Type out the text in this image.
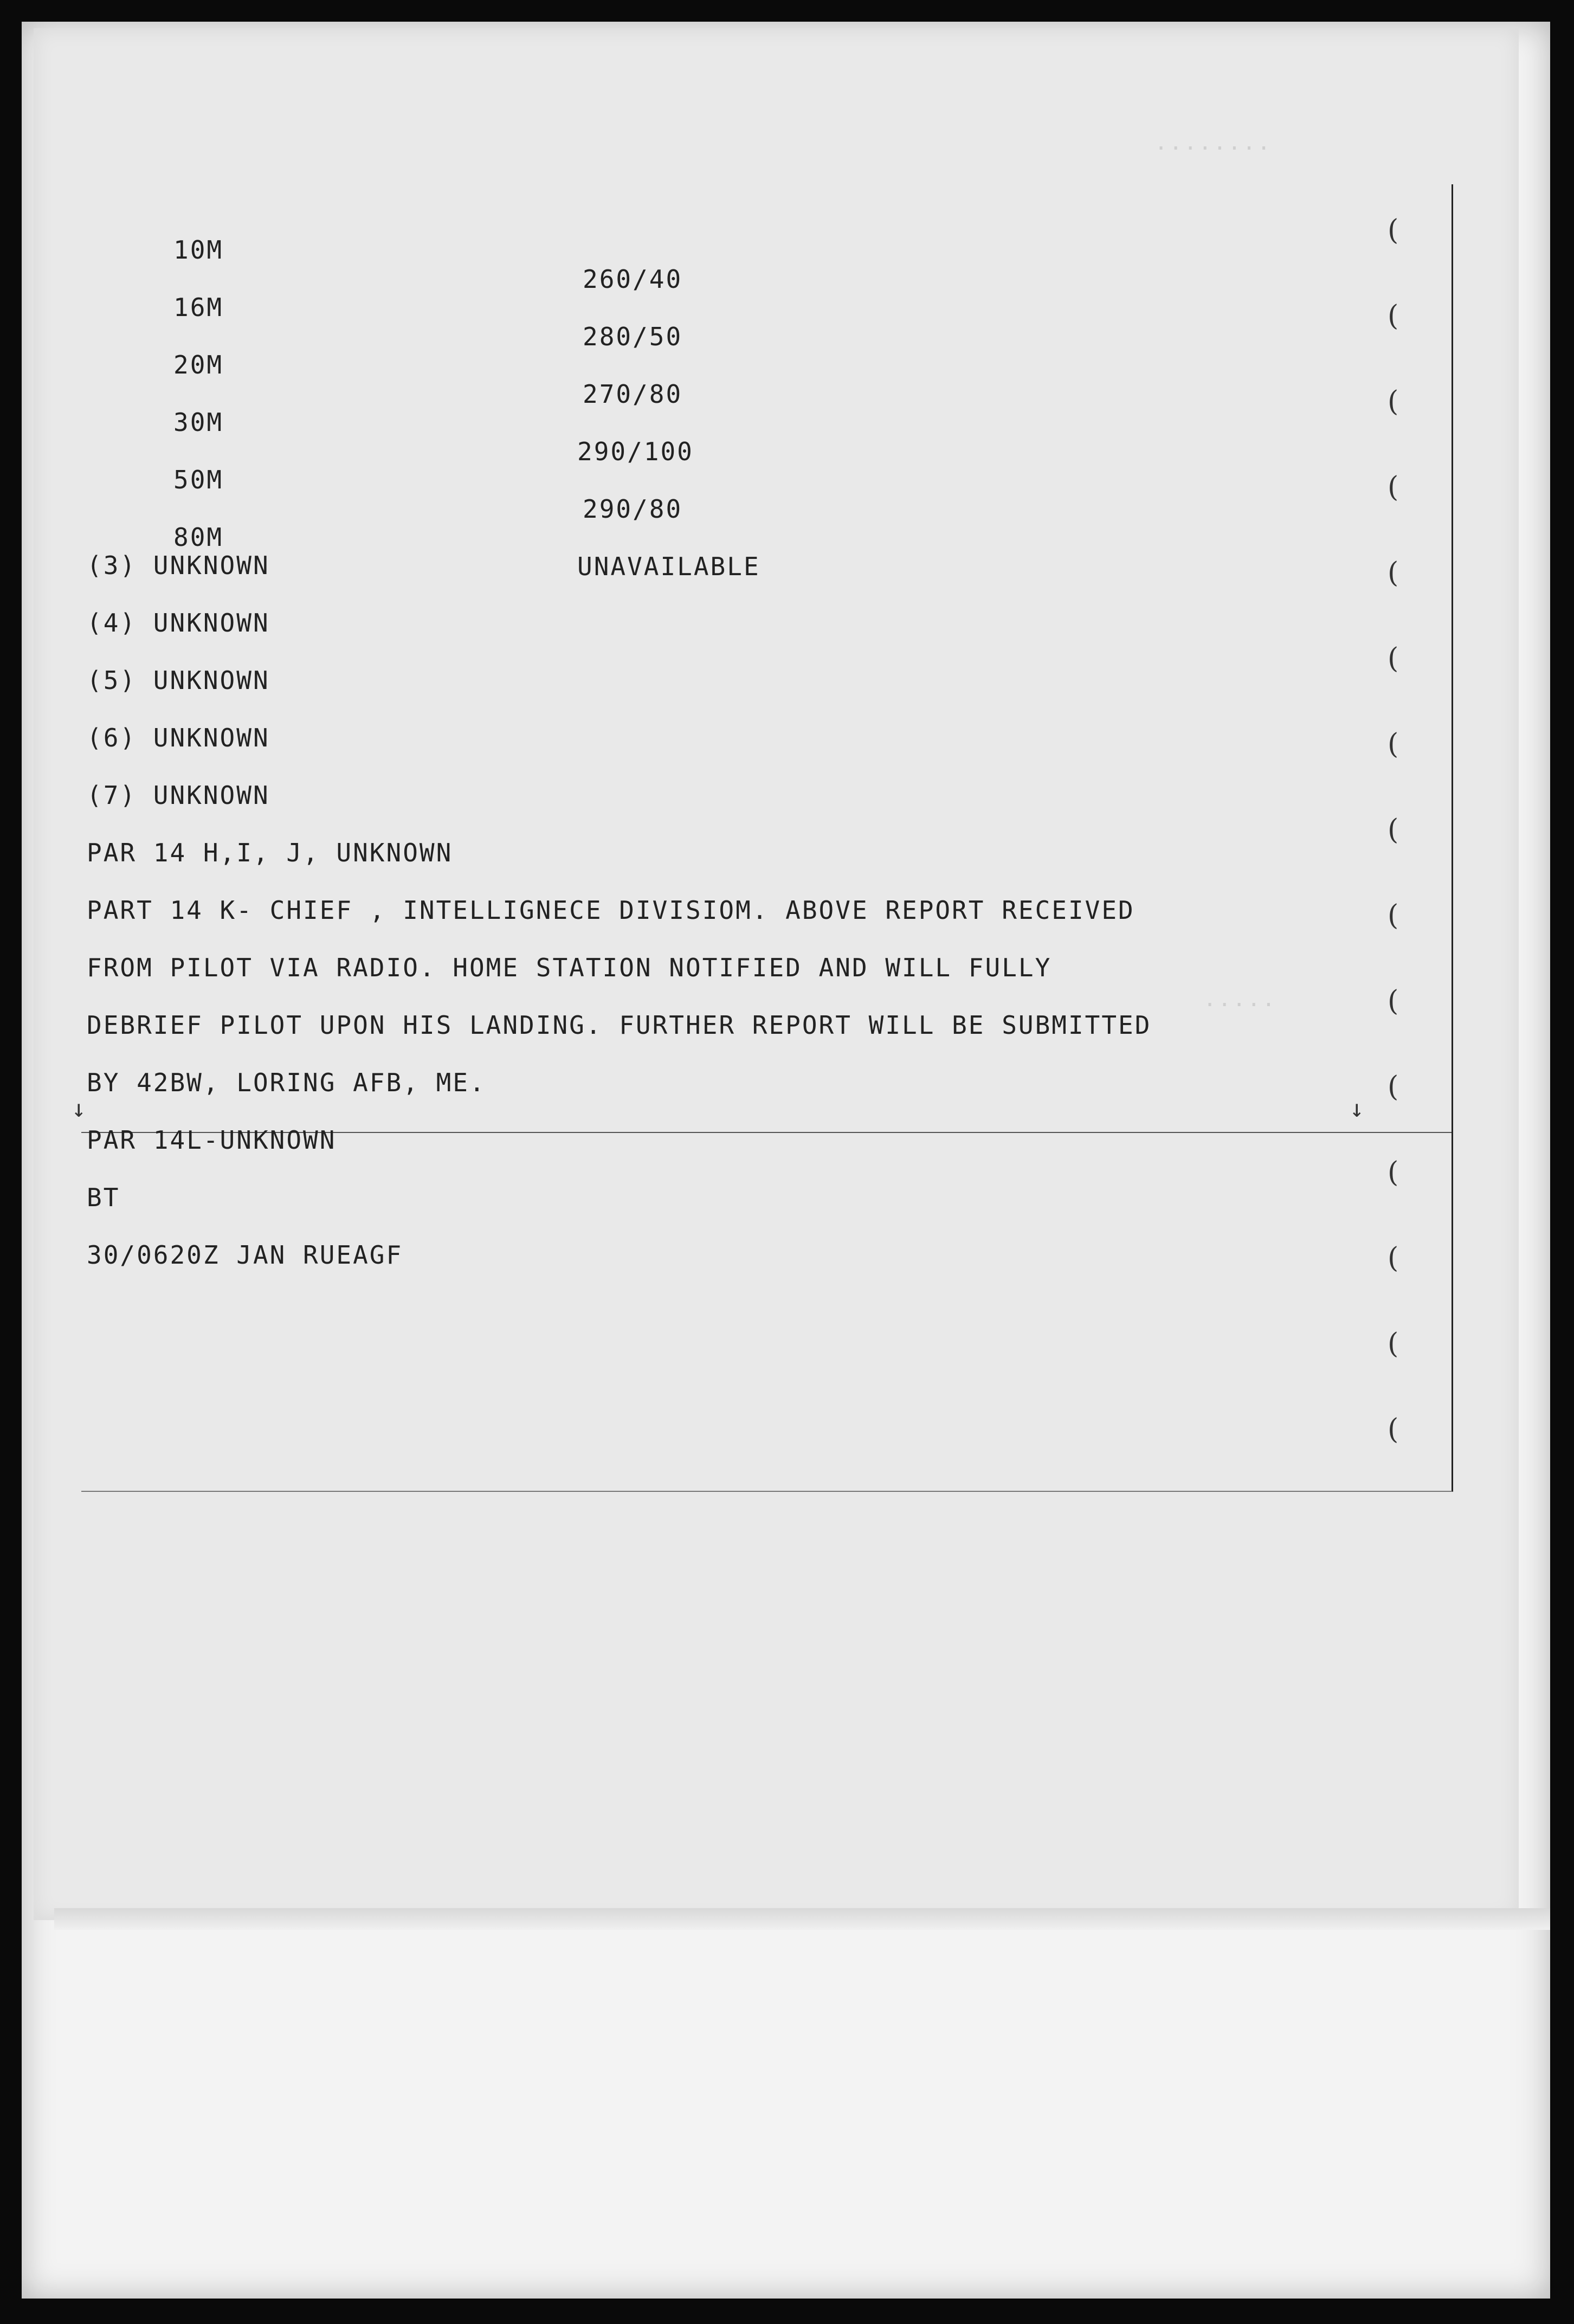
(
(
(
(
(
(
(
(
(
(
(
(
(
(
(
........
.....
↓	↓

10M

260/40

16M

280/50

20M

270/80

30M

290/100

50M

290/80

80M

UNAVAILABLE

(3) UNKNOWN
(4) UNKNOWN
(5) UNKNOWN
(6) UNKNOWN
(7) UNKNOWN
PAR 14 H,I, J, UNKNOWN
PART 14 K- CHIEF , INTELLIGNECE DIVISIOM. ABOVE REPORT RECEIVED
FROM PILOT VIA RADIO. HOME STATION NOTIFIED AND WILL FULLY
DEBRIEF PILOT UPON HIS LANDING. FURTHER REPORT WILL BE SUBMITTED
BY 42BW, LORING AFB, ME.
PAR 14L-UNKNOWN
BT
30/0620Z JAN RUEAGF
